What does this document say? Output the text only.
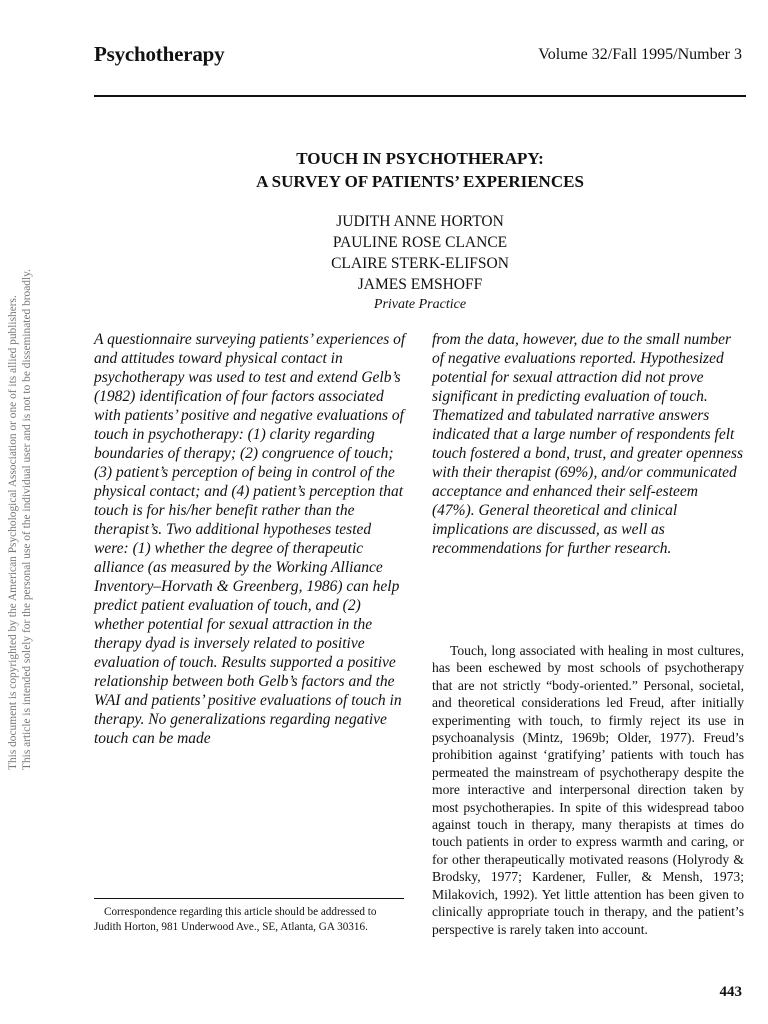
This document is copyrighted by the American Psychological Association or one of its allied publishers. This article is intended solely for the personal use of the individual user and is not to be disseminated broadly.
Psychotherapy	Volume 32/Fall 1995/Number 3
TOUCH IN PSYCHOTHERAPY:
A SURVEY OF PATIENTS’ EXPERIENCES
JUDITH ANNE HORTON
PAULINE ROSE CLANCE
CLAIRE STERK-ELIFSON
JAMES EMSHOFF
Private Practice

A questionnaire surveying patients’ experiences of and attitudes toward physical contact in psychotherapy was used to test and extend Gelb’s (1982) identification of four factors associated with patients’ positive and negative evaluations of touch in psychotherapy: (1) clarity regarding boundaries of therapy; (2) congruence of touch; (3) patient’s perception of being in control of the physical contact; and (4) patient’s perception that touch is for his/her benefit rather than the therapist’s. Two additional hypotheses tested were: (1) whether the degree of therapeutic alliance (as measured by the Working Alliance Inventory–Horvath & Greenberg, 1986) can help predict patient evaluation of touch, and (2) whether potential for sexual attraction in the therapy dyad is inversely related to positive evaluation of touch. Results supported a positive relationship between both Gelb’s factors and the WAI and patients’ positive evaluations of touch in therapy. No generalizations regarding negative touch can be made

from the data, however, due to the small number of negative evaluations reported. Hypothesized potential for sexual attraction did not prove significant in predicting evaluation of touch. Thematized and tabulated narrative answers indicated that a large number of respondents felt touch fostered a bond, trust, and greater openness with their therapist (69%), and/or communicated acceptance and enhanced their self-esteem (47%). General theoretical and clinical implications are discussed, as well as recommendations for further research.

Touch, long associated with healing in most cultures, has been eschewed by most schools of psychotherapy that are not strictly “body-oriented.” Personal, societal, and theoretical considerations led Freud, after initially experimenting with touch, to firmly reject its use in psychoanalysis (Mintz, 1969b; Older, 1977). Freud’s prohibition against ‘gratifying’ patients with touch has permeated the mainstream of psychotherapy despite the more interactive and interpersonal direction taken by most psychotherapies. In spite of this widespread taboo against touch in therapy, many therapists at times do touch patients in order to express warmth and caring, or for other therapeutically motivated reasons (Holyrody & Brodsky, 1977; Kardener, Fuller, & Mensh, 1973; Milakovich, 1992). Yet little attention has been given to clinically appropriate touch in therapy, and the patient’s perspective is rarely taken into account.

Correspondence regarding this article should be addressed to Judith Horton, 981 Underwood Ave., SE, Atlanta, GA 30316.

443
